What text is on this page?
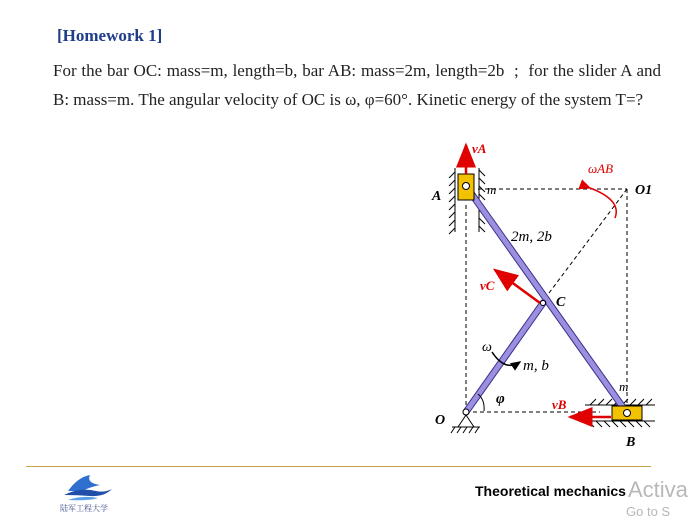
[Homework 1]
For the bar OC: mass=m, length=b, bar AB: mass=2m, length=2b  ;  for the slider A and B: mass=m. The angular velocity of OC is ω, φ=60°. Kinetic energy of the system T=?
vA
ωAB
O1
A	m
2m, 2b
vC
C
ω
m, b
φ	vB
m
O
B
陆军工程大学
Theoretical mechanics Activa
Go to S
